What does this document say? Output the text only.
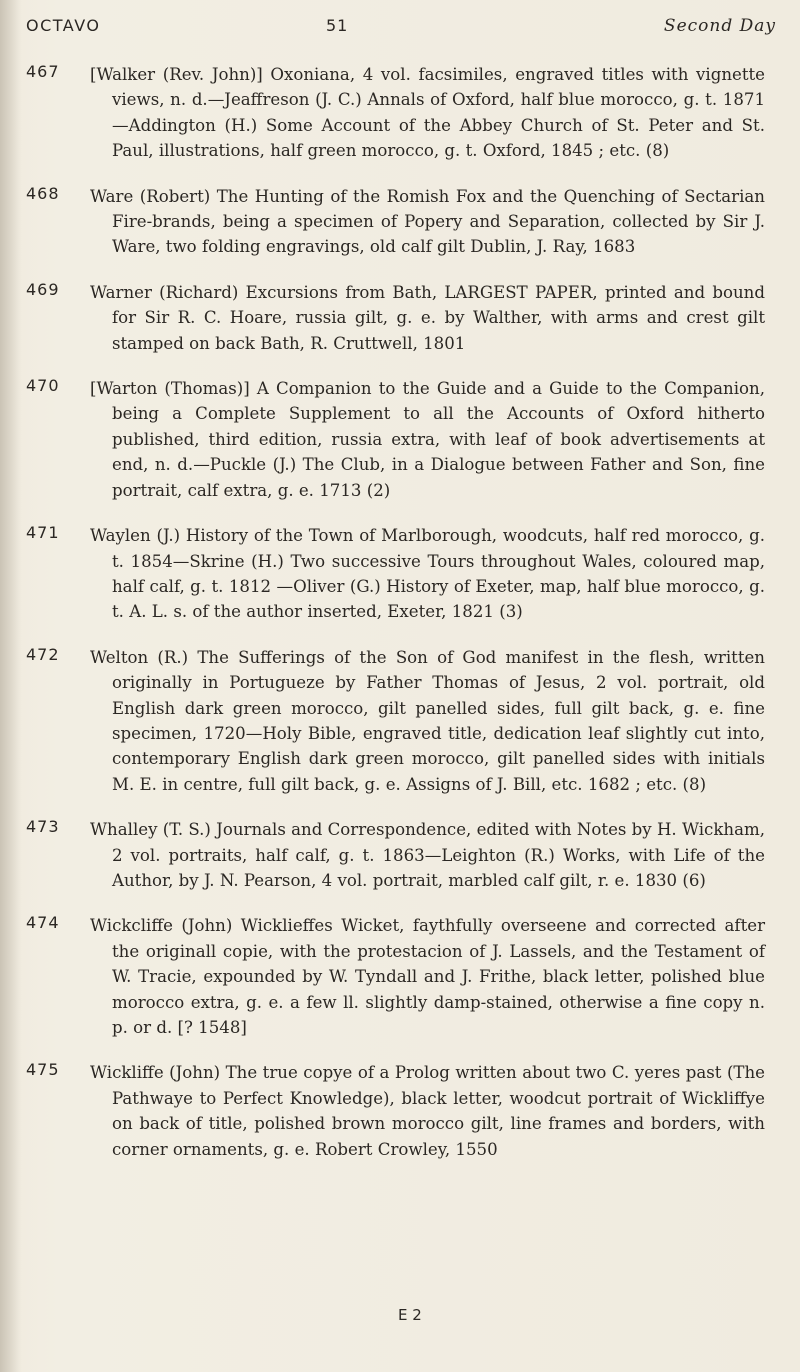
OCTAVO	51	Second Day
467	[Walker (Rev. John)] Oxoniana, 4 vol. facsimiles, engraved titles with vignette views, n. d.—Jeaffreson (J. C.) Annals of Oxford, half blue morocco, g. t. 1871—Addington (H.) Some Account of the Abbey Church of St. Peter and St. Paul, illustrations, half green morocco, g. t. Oxford, 1845 ; etc. (8)
468	Ware (Robert) The Hunting of the Romish Fox and the Quenching of Sectarian Fire-brands, being a specimen of Popery and Separation, collected by Sir J. Ware, two folding engravings, old calf gilt Dublin, J. Ray, 1683
469	Warner (Richard) Excursions from Bath, LARGEST PAPER, printed and bound for Sir R. C. Hoare, russia gilt, g. e. by Walther, with arms and crest gilt stamped on back Bath, R. Cruttwell, 1801
470	[Warton (Thomas)] A Companion to the Guide and a Guide to the Companion, being a Complete Supplement to all the Accounts of Oxford hitherto published, third edition, russia extra, with leaf of book advertisements at end, n. d.—Puckle (J.) The Club, in a Dialogue between Father and Son, fine portrait, calf extra, g. e. 1713 (2)
471	Waylen (J.) History of the Town of Marlborough, woodcuts, half red morocco, g. t. 1854—Skrine (H.) Two successive Tours throughout Wales, coloured map, half calf, g. t. 1812 —Oliver (G.) History of Exeter, map, half blue morocco, g. t. A. L. s. of the author inserted, Exeter, 1821 (3)
472	Welton (R.) The Sufferings of the Son of God manifest in the flesh, written originally in Portugueze by Father Thomas of Jesus, 2 vol. portrait, old English dark green morocco, gilt panelled sides, full gilt back, g. e. fine specimen, 1720—Holy Bible, engraved title, dedication leaf slightly cut into, contemporary English dark green morocco, gilt panelled sides with initials M. E. in centre, full gilt back, g. e. Assigns of J. Bill, etc. 1682 ; etc. (8)
473	Whalley (T. S.) Journals and Correspondence, edited with Notes by H. Wickham, 2 vol. portraits, half calf, g. t. 1863—Leighton (R.) Works, with Life of the Author, by J. N. Pearson, 4 vol. portrait, marbled calf gilt, r. e. 1830 (6)
474	Wickcliffe (John) Wicklieffes Wicket, faythfully overseene and corrected after the originall copie, with the protestacion of J. Lassels, and the Testament of W. Tracie, expounded by W. Tyndall and J. Frithe, black letter, polished blue morocco extra, g. e. a few ll. slightly damp-stained, otherwise a fine copy n. p. or d. [? 1548]
475	Wickliffe (John) The true copye of a Prolog written about two C. yeres past (The Pathwaye to Perfect Knowledge), black letter, woodcut portrait of Wickliffye on back of title, polished brown morocco gilt, line frames and borders, with corner ornaments, g. e. Robert Crowley, 1550
E 2
